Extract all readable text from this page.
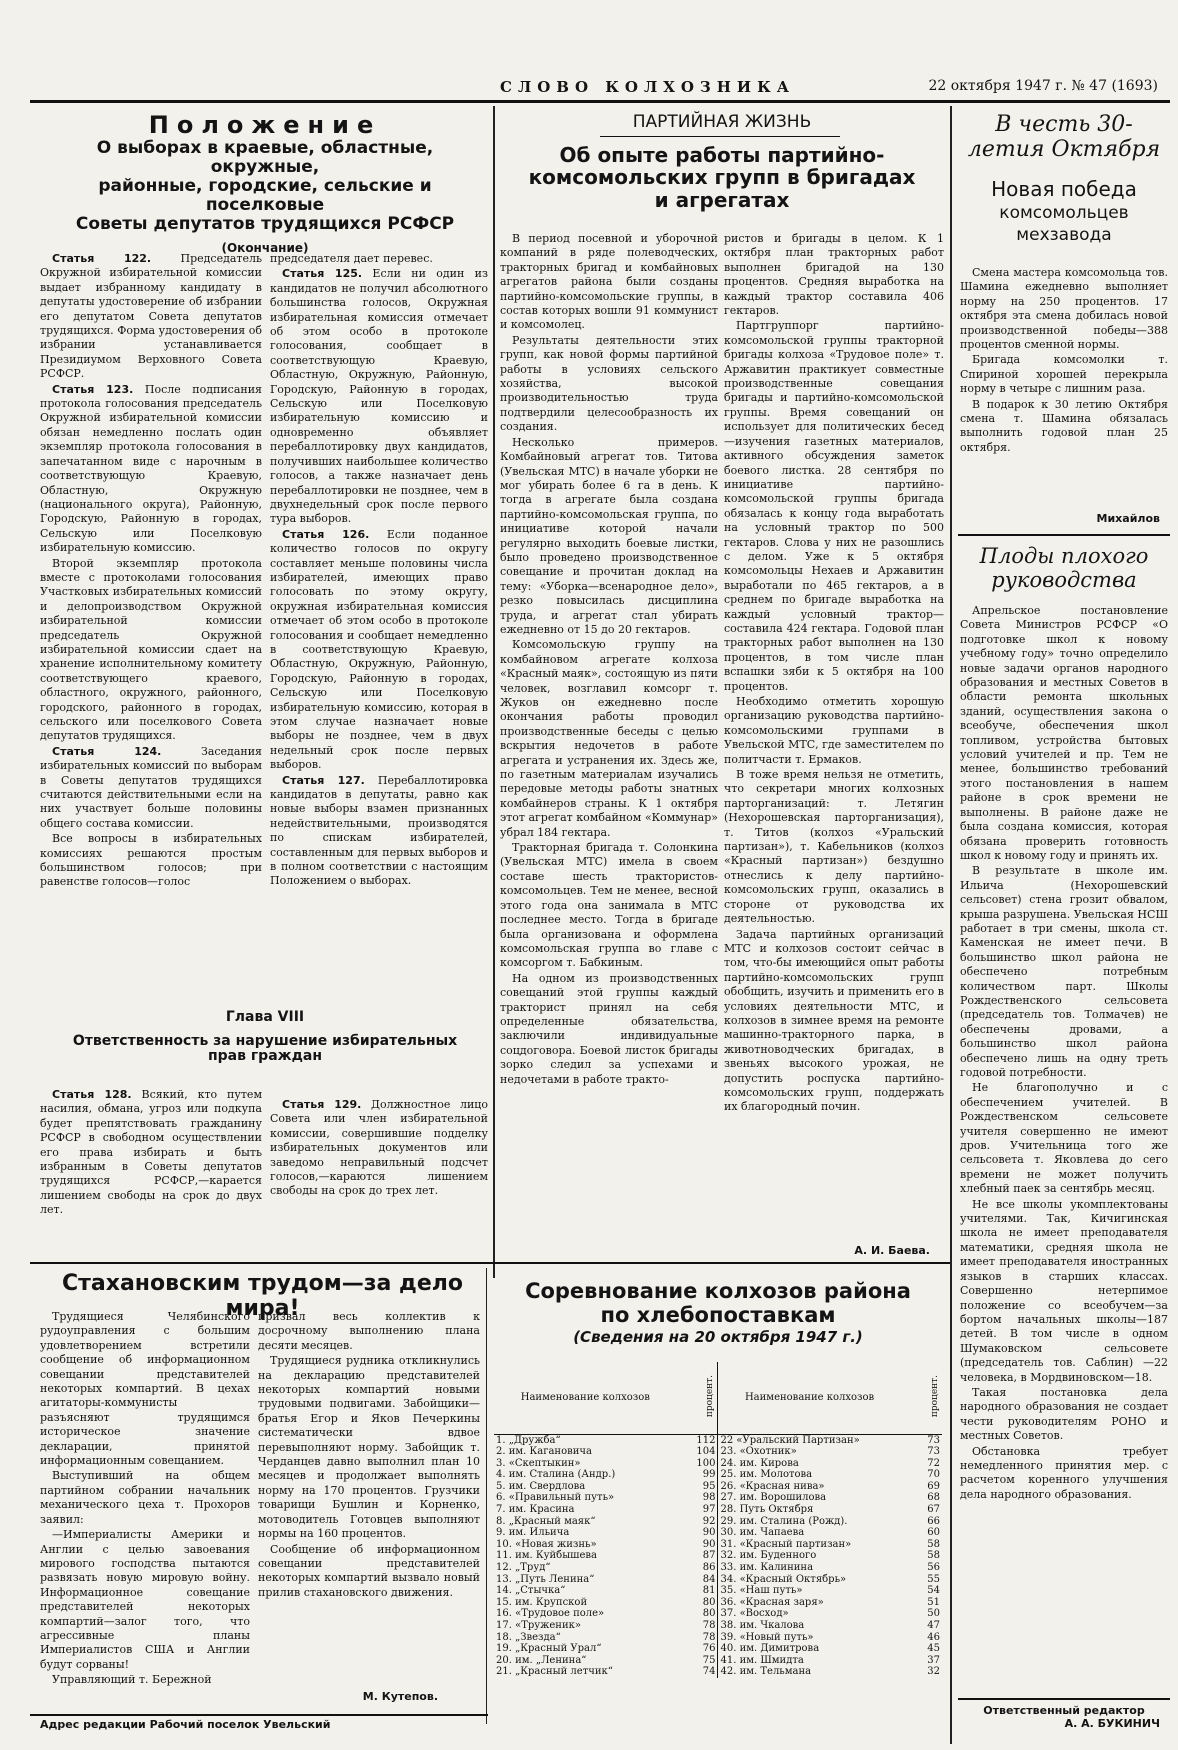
СЛОВО КОЛХОЗНИКА	22 октября 1947 г. № 47 (1693)
Положение
О выборах в краевые, областные, окружные,
районные, городские, сельские и поселковые
Советы депутатов трудящихся РСФСР
(Окончание)

Статья 122. Председатель Окружной избирательной комиссии выдает избранному кандидату в депутаты удостоверение об избрании его депутатом Совета депутатов трудящихся. Форма удостоверения об избрании устанавливается Президиумом Верховного Совета РСФСР.

Статья 123. После подписания протокола голосования председатель Окружной избирательной комиссии обязан немедленно послать один экземпляр протокола голосования в запечатанном виде с нарочным в соответствующую Краевую, Областную, Окружную (национального округа), Районную, Городскую, Районную в городах, Сельскую или Поселковую избирательную комиссию.

Второй экземпляр протокола вместе с протоколами голосования Участковых избирательных комиссий и делопроизводством Окружной избирательной комиссии председатель Окружной избирательной комиссии сдает на хранение исполнительному комитету соответствующего краевого, областного, окружного, районного, городского, районного в городах, сельского или поселкового Совета депутатов трудящихся.

Статья 124. Заседания избирательных комиссий по выборам в Советы депутатов трудящихся считаются действительными если на них участвует больше половины общего состава комиссии.

Все вопросы в избирательных комиссиях решаются простым большинством голосов; при равенстве голосов—голос

председателя дает перевес.

Статья 125. Если ни один из кандидатов не получил абсолютного большинства голосов, Окружная избирательная комиссия отмечает об этом особо в протоколе голосования, сообщает в соответствующую Краевую, Областную, Окружную, Районную, Городскую, Районную в городах, Сельскую или Поселковую избирательную комиссию и одновременно объявляет перебаллотировку двух кандидатов, получивших наибольшее количество голосов, а также назначает день перебаллотировки не позднее, чем в двухнедельный срок после первого тура выборов.

Статья 126. Если поданное количество голосов по округу составляет меньше половины числа избирателей, имеющих право голосовать по этому округу, окружная избирательная комиссия отмечает об этом особо в протоколе голосования и сообщает немедленно в соответствующую Краевую, Областную, Окружную, Районную, Городскую, Районную в городах, Сельскую или Поселковую избирательную комиссию, которая в этом случае назначает новые выборы не позднее, чем в двух недельный срок после первых выборов.

Статья 127. Перебаллотировка кандидатов в депутаты, равно как новые выборы взамен признанных недействительными, производятся по спискам избирателей, составленным для первых выборов и в полном соответствии с настоящим Положением о выборах.

Глава VIII
Ответственность за нарушение избирательных
прав граждан

Статья 128. Всякий, кто путем насилия, обмана, угроз или подкупа будет препятствовать гражданину РСФСР в свободном осуществлении его права избирать и быть избранным в Советы депутатов трудящихся РСФСР,—карается лишением свободы на срок до двух лет.

Статья 129. Должностное лицо Совета или член избирательной комиссии, совершившие подделку избирательных документов или заведомо неправильный подсчет голосов,—караются лишением свободы на срок до трех лет.

ПАРТИЙНАЯ ЖИЗНЬ
Об опыте работы партийно-
комсомольских групп в бригадах
и агрегатах

В период посевной и уборочной компаний в ряде полеводческих, тракторных бригад и комбайновых агрегатов района были созданы партийно-комсомольские группы, в состав которых вошли 91 коммунист и комсомолец.

Результаты деятельности этих групп, как новой формы партийной работы в условиях сельского хозяйства, высокой производительностью труда подтвердили целесообразность их создания.

Несколько примеров. Комбайновый агрегат тов. Титова (Увельская МТС) в начале уборки не мог убирать более 6 га в день. К тогда в агрегате была создана партийно-комсомольская группа, по инициативе которой начали регулярно выходить боевые листки, было проведено производственное совещание и прочитан доклад на тему: «Уборка—всенародное дело», резко повысилась дисциплина труда, и агрегат стал убирать ежедневно от 15 до 20 гектаров.

Комсомольскую группу на комбайновом агрегате колхоза «Красный маяк», состоящую из пяти человек, возглавил комсорг т. Жуков он ежедневно после окончания работы проводил производственные беседы с целью вскрытия недочетов в работе агрегата и устранения их. Здесь же, по газетным материалам изучались передовые методы работы знатных комбайнеров страны. К 1 октября этот агрегат комбайном «Коммунар» убрал 184 гектара.

Тракторная бригада т. Солонкина (Увельская МТС) имела в своем составе шесть трактористов-комсомольцев. Тем не менее, весной этого года она занимала в МТС последнее место. Тогда в бригаде была организована и оформлена комсомольская группа во главе с комсоргом т. Бабкиным.

На одном из производственных совещаний этой группы каждый тракторист принял на себя определенные обязательства, заключили индивидуальные соцдоговора. Боевой листок бригады зорко следил за успехами и недочетами в работе тракто-

ристов и бригады в целом. К 1 октября план тракторных работ выполнен бригадой на 130 процентов. Средняя выработка на каждый трактор составила 406 гектаров.

Партгруппорг партийно-комсомольской группы тракторной бригады колхоза «Трудовое поле» т. Аржавитин практикует совместные производственные совещания бригады и партийно-комсомольской группы. Время совещаний он использует для политических бесед—изучения газетных материалов, активного обсуждения заметок боевого листка. 28 сентября по инициативе партийно-комсомольской группы бригада обязалась к концу года выработать на условный трактор по 500 гектаров. Слова у них не разошлись с делом. Уже к 5 октября комсомольцы Нехаев и Аржавитин выработали по 465 гектаров, а в среднем по бригаде выработка на каждый условный трактор—составила 424 гектара. Годовой план тракторных работ выполнен на 130 процентов, в том числе план вспашки зяби к 5 октября на 100 процентов.

Необходимо отметить хорошую организацию руководства партийно-комсомольскими группами в Увельской МТС, где заместителем по политчасти т. Ермаков.

В тоже время нельзя не отметить, что секретари многих колхозных парторганизаций: т. Летягин (Нехорошевская парторганизация), т. Титов (колхоз «Уральский партизан»), т. Кабельников (колхоз «Красный партизан») бездушно отнеслись к делу партийно-комсомольских групп, оказались в стороне от руководства их деятельностью.

Задача партийных организаций МТС и колхозов состоит сейчас в том, что-бы имеющийся опыт работы партийно-комсомольских групп обобщить, изучить и применить его в условиях деятельности МТС, и колхозов в зимнее время на ремонте машинно-тракторного парка, в животноводческих бригадах, в звеньях высокого урожая, не допустить роспуска партийно-комсомольских групп, поддержать их благородный почин.

А. И. Баева.
В честь 30-
летия Октября
Новая победа
комсомольцев
мехзавода

Смена мастера комсомольца тов. Шамина ежедневно выполняет норму на 250 процентов. 17 октября эта смена добилась новой производственной победы—388 процентов сменной нормы.

Бригада комсомолки т. Спириной хорошей перекрыла норму в четыре с лишним раза.

В подарок к 30 летию Октября смена т. Шамина обязалась выполнить годовой план 25 октября.

Михайлов
Плоды плохого
руководства

Апрельское постановление Совета Министров РСФСР «О подготовке школ к новому учебному году» точно определило новые задачи органов народного образования и местных Советов в области ремонта школьных зданий, осуществления закона о всеобуче, обеспечения школ топливом, устройства бытовых условий учителей и пр. Тем не менее, большинство требований этого постановления в нашем районе в срок времени не выполнены. В районе даже не была создана комиссия, которая обязана проверить готовность школ к новому году и принять их.

В результате в школе им. Ильича (Нехорошевский сельсовет) стена грозит обвалом, крыша разрушена. Увельская НСШ работает в три смены, школа ст. Каменская не имеет печи. В большинство школ района не обеспечено потребным количеством парт. Школы Рождественского сельсовета (председатель тов. Толмачев) не обеспечены дровами, а большинство школ района обеспечено лишь на одну треть годовой потребности.

Не благополучно и с обеспечением учителей. В Рождественском сельсовете учителя совершенно не имеют дров. Учительница того же сельсовета т. Яковлева до сего времени не может получить хлебный паек за сентябрь месяц.

Не все школы укомплектованы учителями. Так, Кичигинская школа не имеет преподавателя математики, средняя школа не имеет преподавателя иностранных языков в старших классах. Совершенно нетерпимое положение со всеобучем—за бортом начальных школы—187 детей. В том числе в одном Шумаковском сельсовете (председатель тов. Саблин) —22 человека, в Мордвиновском—18.

Такая постановка дела народного образования не создает чести руководителям РОНО и местных Советов.

Обстановка требует немедленного принятия мер. с расчетом коренного улучшения дела народного образования.

Ответственный редактор
А. А. БУКИНИЧ
Стахановским трудом—за дело мира!

Трудящиеся Челябинского рудоуправления с большим удовлетворением встретили сообщение об информационном совещании представителей некоторых компартий. В цехах агитаторы-коммунисты разъясняют трудящимся историческое значение декларации, принятой информационным совещанием.

Выступивший на общем партийном собрании начальник механического цеха т. Прохоров заявил:

—Империалисты Америки и Англии с целью завоевания мирового господства пытаются развязать новую мировую войну. Информационное совещание представителей некоторых компартий—залог того, что агрессивные планы Империалистов США и Англии будут сорваны!

Управляющий т. Бережной

призвал весь коллектив к досрочному выполнению плана десяти месяцев.

Трудящиеся рудника откликнулись на декларацию представителей некоторых компартий новыми трудовыми подвигами. Забойщики—братья Егор и Яков Печеркины систематически вдвое перевыполняют норму. Забойщик т. Черданцев давно выполнил план 10 месяцев и продолжает выполнять норму на 170 процентов. Грузчики товарищи Бушлин и Корненко, мотоводитель Готовцев выполняют нормы на 160 процентов.

Сообщение об информационном совещании представителей некоторых компартий вызвало новый прилив стахановского движения.

М. Кутепов.
Адрес редакции Рабочий поселок Увельский
Соревнование колхозов района
по хлебопоставкам
(Сведения на 20 октября 1947 г.)
Наименование колхозов	процент.	Наименование колхозов	процент.
1. „Дружба“	112	22 «Уральский Партизан»	73
2. им. Кагановича	104	23. «Охотник»	73
3. «Скептыкин»	100	24. им. Кирова	72
4. им. Сталина (Андр.)	99	25. им. Молотова	70
5. им. Свердлова	95	26. «Красная нива»	69
6. «Правильный путь»	98	27. им. Ворошилова	68
7. им. Красина	97	28. Путь Октября	67
8. „Красный маяк“	92	29. им. Сталина (Рожд).	66
9. им. Ильича	90	30. им. Чапаева	60
10. «Новая жизнь»	90	31. «Красный партизан»	58
11. им. Куйбышева	87	32. им. Буденного	58
12. „Труд“	86	33. им. Калинина	56
13. „Путь Ленина“	84	34. «Красный Октябрь»	55
14. „Стычка“	81	35. «Наш путь»	54
15. им. Крупской	80	36. «Красная заря»	51
16. «Трудовое поле»	80	37. «Восход»	50
17. «Труженик»	78	38. им. Чкалова	47
18. „Звезда“	78	39. «Новый путь»	46
19. „Красный Урал“	76	40. им. Димитрова	45
20. им. „Ленина“	75	41. им. Шмидта	37
21. „Красный летчик“	74	42. им. Тельмана	32
